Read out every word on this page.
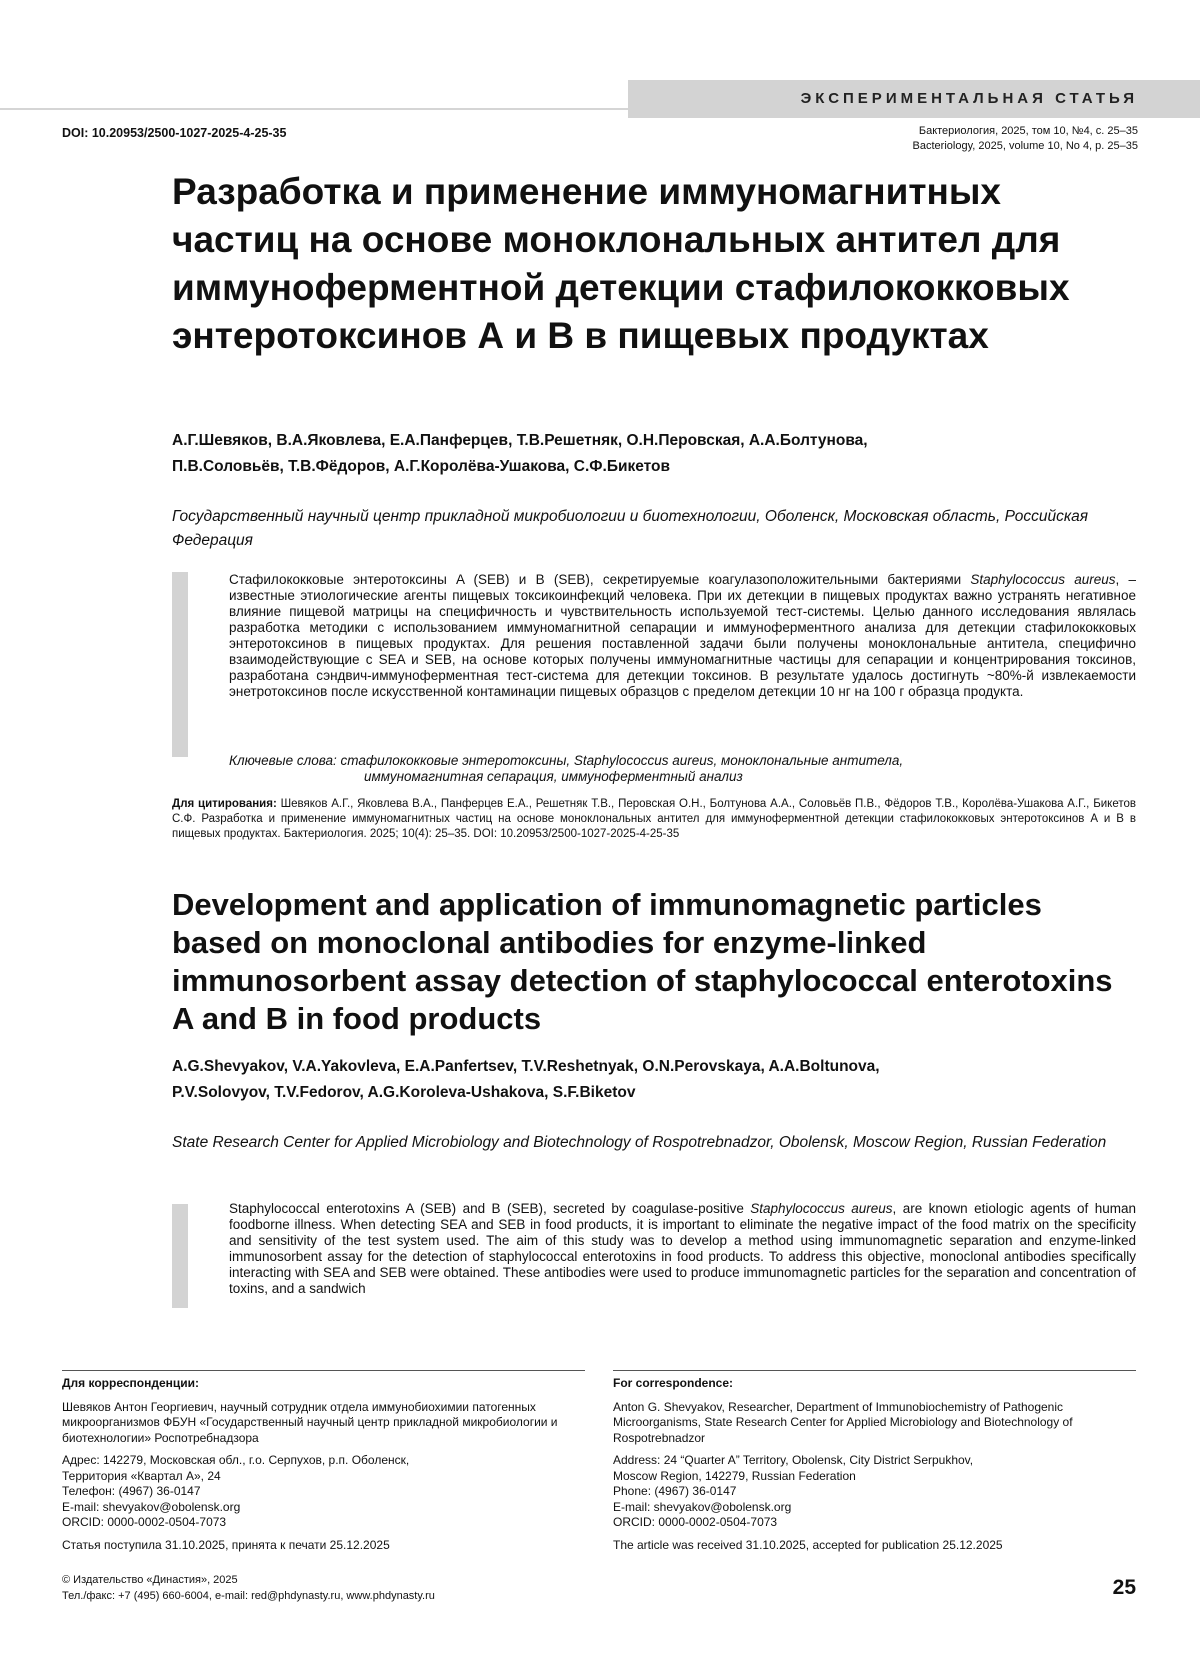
ЭКСПЕРИМЕНТАЛЬНАЯ СТАТЬЯ
DOI: 10.20953/2500-1027-2025-4-25-35	Бактериология, 2025, том 10, №4, с. 25–35
Bacteriology, 2025, volume 10, No 4, p. 25–35
Разработка и применение иммуномагнитных частиц на основе моноклональных антител для иммуноферментной детекции стафилококковых энтеротоксинов А и В в пищевых продуктах
А.Г.Шевяков, В.А.Яковлева, Е.А.Панферцев, Т.В.Решетняк, О.Н.Перовская, А.А.Болтунова,
П.В.Соловьёв, Т.В.Фёдоров, А.Г.Королёва-Ушакова, С.Ф.Бикетов

Государственный научный центр прикладной микробиологии и биотехнологии, Оболенск, Московская область, Российская Федерация

Стафилококковые энтеротоксины A (SEB) и B (SEB), секретируемые коагулазоположительными бактериями Staphylococcus aureus, – известные этиологические агенты пищевых токсикоинфекций человека. При их детекции в пищевых продуктах важно устранять негативное влияние пищевой матрицы на специфичность и чувствительность используемой тест-системы. Целью данного исследования являлась разработка методики с использованием иммуномагнитной сепарации и иммуноферментного анализа для детекции стафилококковых энтеротоксинов в пищевых продуктах. Для решения поставленной задачи были получены моноклональные антитела, специфично взаимодействующие с SEA и SEB, на основе которых получены иммуномагнитные частицы для сепарации и концентрирования токсинов, разработана сэндвич-иммуноферментная тест-система для детекции токсинов. В результате удалось достигнуть ~80%-й извлекаемости энетротоксинов после искусственной контаминации пищевых образцов с пределом детекции 10 нг на 100 г образца продукта.

Ключевые слова: стафилококковые энтеротоксины, Staphylococcus aureus, моноклональные антитела,
иммуномагнитная сепарация, иммуноферментный анализ
Для цитирования: Шевяков А.Г., Яковлева В.А., Панферцев Е.А., Решетняк Т.В., Перовская О.Н., Болтунова А.А., Соловьёв П.В., Фёдоров Т.В., Королёва-Ушакова А.Г., Бикетов С.Ф. Разработка и применение иммуномагнитных частиц на основе моноклональных антител для иммуноферментной детекции стафилококковых энтеротоксинов А и В в пищевых продуктах. Бактериология. 2025; 10(4): 25–35. DOI: 10.20953/2500-1027-2025-4-25-35
Development and application of immunomagnetic particles based on monoclonal antibodies for enzyme-linked immunosorbent assay detection of staphylococcal enterotoxins A and B in food products
A.G.Shevyakov, V.A.Yakovleva, E.A.Panfertsev, T.V.Reshetnyak, O.N.Perovskaya, A.A.Boltunova,
P.V.Solovyov, T.V.Fedorov, A.G.Koroleva-Ushakova, S.F.Biketov

State Research Center for Applied Microbiology and Biotechnology of Rospotrebnadzor, Obolensk, Moscow Region, Russian Federation

Staphylococcal enterotoxins A (SEB) and B (SEB), secreted by coagulase-positive Staphylococcus aureus, are known etiologic agents of human foodborne illness. When detecting SEA and SEB in food products, it is important to eliminate the negative impact of the food matrix on the specificity and sensitivity of the test system used. The aim of this study was to develop a method using immunomagnetic separation and enzyme-linked immunosorbent assay for the detection of staphylococcal enterotoxins in food products. To address this objective, monoclonal antibodies specifically interacting with SEA and SEB were obtained. These antibodies were used to produce immunomagnetic particles for the separation and concentration of toxins, and a sandwich

Для корреспонденции:

Шевяков Антон Георгиевич, научный сотрудник отдела иммунобиохимии патогенных микроорганизмов ФБУН «Государственный научный центр прикладной микробиологии и биотехнологии» Роспотребнадзора

Адрес: 142279, Московская обл., г.о. Серпухов, р.п. Оболенск,
Территория «Квартал А», 24
Телефон: (4967) 36-0147
E-mail: shevyakov@obolensk.org
ORCID: 0000-0002-0504-7073

Статья поступила 31.10.2025, принята к печати 25.12.2025

For correspondence:

Anton G. Shevyakov, Researcher, Department of Immunobiochemistry of Pathogenic Microorganisms, State Research Center for Applied Microbiology and Biotechnology of Rospotrebnadzor

Address: 24 “Quarter A” Territory, Obolensk, City District Serpukhov,
Moscow Region, 142279, Russian Federation
Phone: (4967) 36-0147
E-mail: shevyakov@obolensk.org
ORCID: 0000-0002-0504-7073

The article was received 31.10.2025, accepted for publication 25.12.2025

© Издательство «Династия», 2025
Тел./факс: +7 (495) 660-6004, e-mail: red@phdynasty.ru, www.phdynasty.ru	25
